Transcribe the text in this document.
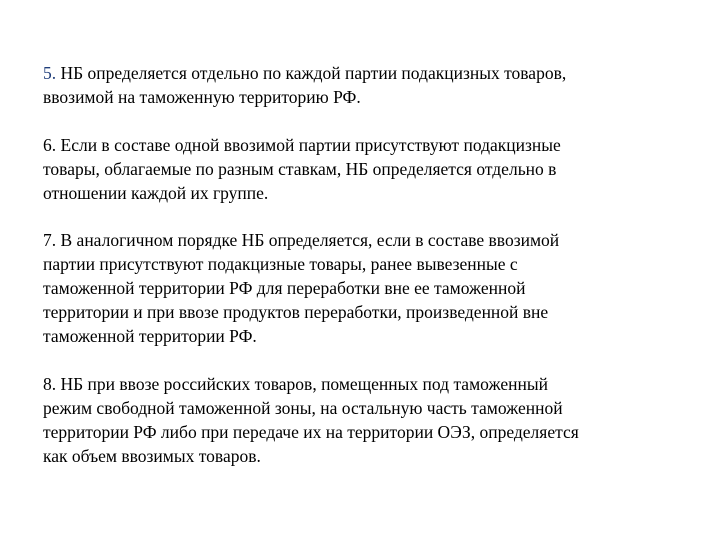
5. НБ определяется отдельно по каждой партии подакцизных товаров,
ввозимой на таможенную территорию РФ.

6. Если в составе одной ввозимой партии присутствуют подакцизные
товары, облагаемые по разным ставкам, НБ определяется отдельно в
отношении каждой их группе.

7. В аналогичном порядке НБ определяется, если в составе ввозимой
партии присутствуют подакцизные товары, ранее вывезенные с
таможенной территории РФ для переработки вне ее таможенной
территории и при ввозе продуктов переработки, произведенной вне
таможенной территории РФ.

8. НБ при ввозе российских товаров, помещенных под таможенный
режим свободной таможенной зоны, на остальную часть таможенной
территории РФ либо при передаче их на территории ОЭЗ, определяется
как объем ввозимых товаров.
